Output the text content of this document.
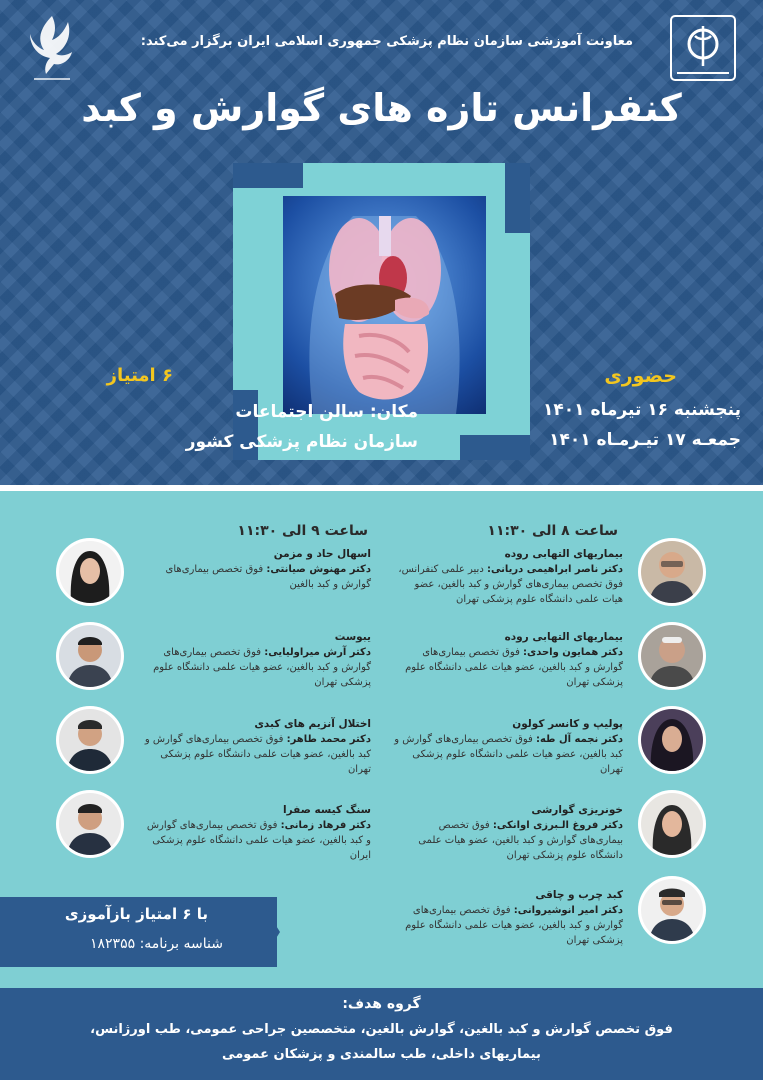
معاونت آموزشی سازمان نظام پزشکی جمهوری اسلامی ایران برگزار می‌کند:
کنفرانس تازه های گوارش و کبد
حضوری
پنجشنبه ۱۶ تیرماه ۱۴۰۱
جمعـه ۱۷ تیـرمـاه ۱۴۰۱
۶ امتیاز
مکان: سالن اجتماعات
سازمان نظام پزشکی کشور
ساعت ۸ الی ۱۱:۳۰
ساعت ۹ الی ۱۱:۳۰
بیماریهای التهابی روده
دکتر ناصر ابراهیمی دریانی: دبیر علمی کنفرانس، فوق تخصص بیماری‌های گوارش و کبد بالغین، عضو هیات علمی دانشگاه علوم پزشکی تهران
بیماریهای التهابی روده
دکتر همایون واحدی: فوق تخصص بیماری‌های گوارش و کبد بالغین، عضو هیات علمی دانشگاه علوم پزشکی تهران
پولیپ و کانسر کولون
دکتر نجمه آل طه: فوق تخصص بیماری‌های گوارش و کبد بالغین، عضو هیات علمی دانشگاه علوم پزشکی تهران
خونریزی گوارشی
دکتر فروغ الـبرزی اوانکی: فوق تخصص بیماری‌های گوارش و کبد بالغین، عضو هیات علمی دانشگاه علوم پزشکی تهران
کبد چرب و چاقی
دکتر امیر انوشیروانی: فوق تخصص بیماری‌های گوارش و کبد بالغین، عضو هیات علمی دانشگاه علوم پزشکی تهران
اسهال حاد و مزمن
دکتر مهنوش صیانتی: فوق تخصص بیماری‌های گوارش و کبد بالغین
یبوست
دکتر آرش میراولیایی: فوق تخصص بیماری‌های گوارش و کبد بالغین، عضو هیات علمی دانشگاه علوم پزشکی تهران
اختلال آنزیم های کبدی
دکتر محمد طاهر: فوق تخصص بیماری‌های گوارش و کبد بالغین، عضو هیات علمی دانشگاه علوم پزشکی تهران
سنگ کیسه صفرا
دکتر فرهاد زمانی: فوق تخصص بیماری‌های گوارش و کبد بالغین، عضو هیات علمی دانشگاه علوم پزشکی ایران
با ۶ امتیاز بازآموزی
شناسه برنامه: ۱۸۲۳۵۵
گروه هدف:
فوق تخصص گوارش و کبد بالغین، گوارش بالغین، متخصصین جراحی عمومی، طب اورژانس،
بیماریهای داخلی، طب سالمندی و پزشکان عمومی
